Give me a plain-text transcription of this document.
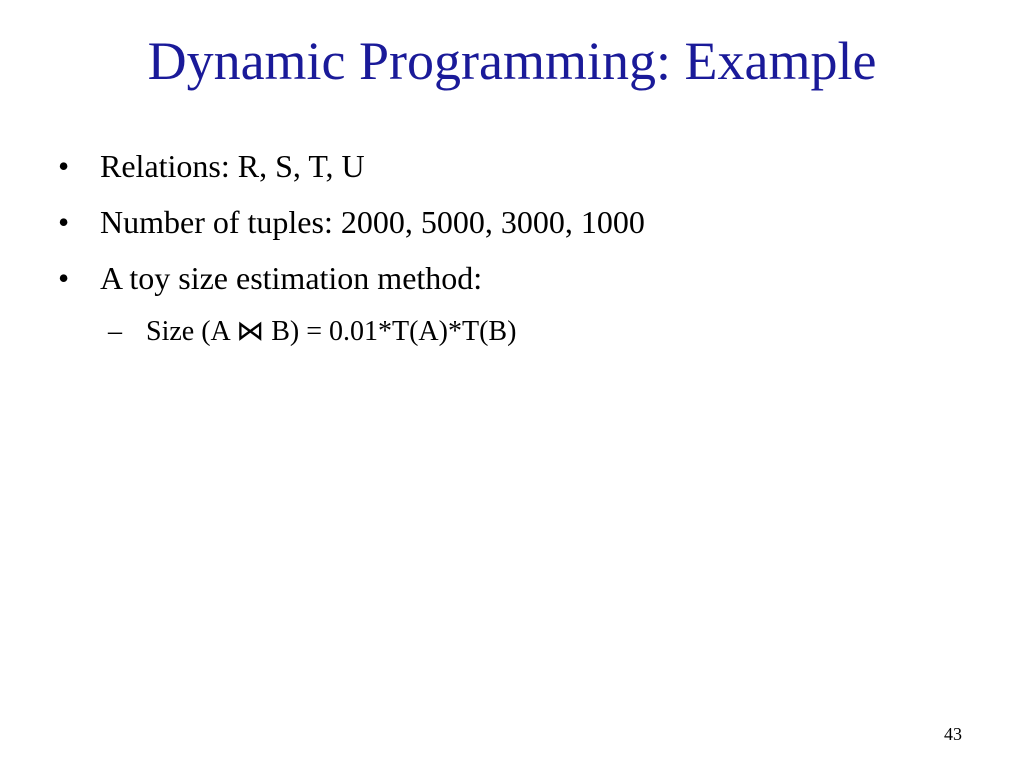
Dynamic Programming: Example
• Relations: R, S, T, U
• Number of tuples: 2000, 5000, 3000, 1000
• A toy size estimation method:
– Size (A ⋈ B) = 0.01*T(A)*T(B)
43
